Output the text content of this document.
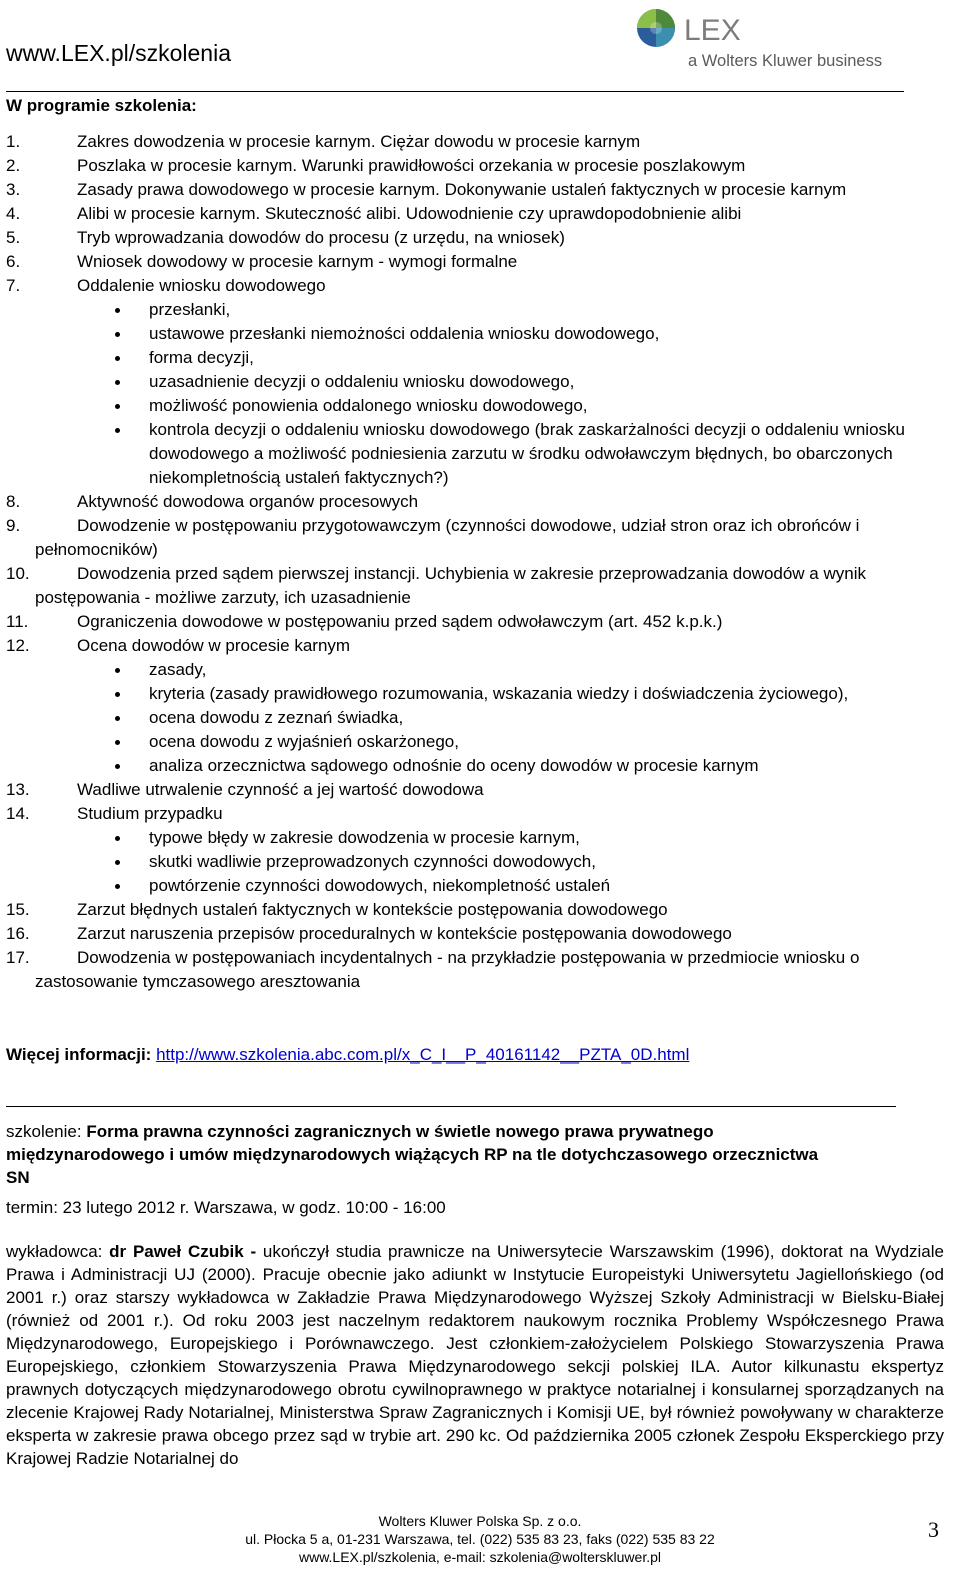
www.LEX.pl/szkolenia
LEX
a Wolters Kluwer business
W programie szkolenia:
1.	Zakres dowodzenia w procesie karnym. Ciężar dowodu w procesie karnym
2.	Poszlaka w procesie karnym. Warunki prawidłowości orzekania w procesie poszlakowym
3.	Zasady prawa dowodowego w procesie karnym. Dokonywanie ustaleń faktycznych w procesie karnym
4.	Alibi w procesie karnym. Skuteczność alibi. Udowodnienie czy uprawdopodobnienie alibi
5.	Tryb wprowadzania dowodów do procesu (z urzędu, na wniosek)
6.	Wniosek dowodowy w procesie karnym - wymogi formalne
7.	Oddalenie wniosku dowodowego
przesłanki,
ustawowe przesłanki niemożności oddalenia wniosku dowodowego,
forma decyzji,
uzasadnienie decyzji o oddaleniu wniosku dowodowego,
możliwość ponowienia oddalonego wniosku dowodowego,
kontrola decyzji o oddaleniu wniosku dowodowego (brak zaskarżalności decyzji o oddaleniu wniosku dowodowego a możliwość podniesienia zarzutu w środku odwoławczym błędnych, bo obarczonych niekompletnością ustaleń faktycznych?)
8.	Aktywność dowodowa organów procesowych
9.	Dowodzenie w postępowaniu przygotowawczym (czynności dowodowe, udział stron oraz ich obrońców i pełnomocników)
10.	Dowodzenia przed sądem pierwszej instancji. Uchybienia w zakresie przeprowadzania dowodów a wynik postępowania - możliwe zarzuty, ich uzasadnienie
11.	Ograniczenia dowodowe w postępowaniu przed sądem odwoławczym (art. 452 k.p.k.)
12.	Ocena dowodów w procesie karnym
zasady,
kryteria (zasady prawidłowego rozumowania, wskazania wiedzy i doświadczenia życiowego),
ocena dowodu z zeznań świadka,
ocena dowodu z wyjaśnień oskarżonego,
analiza orzecznictwa sądowego odnośnie do oceny dowodów w procesie karnym
13.	Wadliwe utrwalenie czynność a jej wartość dowodowa
14.	Studium przypadku
typowe błędy w zakresie dowodzenia w procesie karnym,
skutki wadliwie przeprowadzonych czynności dowodowych,
powtórzenie czynności dowodowych, niekompletność ustaleń
15.	Zarzut błędnych ustaleń faktycznych w kontekście postępowania dowodowego
16.	Zarzut naruszenia przepisów proceduralnych w kontekście postępowania dowodowego
17.	Dowodzenia w postępowaniach incydentalnych - na przykładzie postępowania w przedmiocie wniosku o zastosowanie tymczasowego aresztowania
Więcej informacji: http://www.szkolenia.abc.com.pl/x_C_I__P_40161142__PZTA_0D.html
szkolenie: Forma prawna czynności zagranicznych w świetle nowego prawa prywatnego międzynarodowego i umów międzynarodowych wiążących RP na tle dotychczasowego orzecznictwa SN
termin: 23 lutego 2012 r. Warszawa, w godz. 10:00 - 16:00
wykładowca: dr Paweł Czubik - ukończył studia prawnicze na Uniwersytecie Warszawskim (1996), doktorat na Wydziale Prawa i Administracji UJ (2000). Pracuje obecnie jako adiunkt w Instytucie Europeistyki Uniwersytetu Jagiellońskiego (od 2001 r.) oraz starszy wykładowca w Zakładzie Prawa Międzynarodowego Wyższej Szkoły Administracji w Bielsku-Białej (również od 2001 r.). Od roku 2003 jest naczelnym redaktorem naukowym rocznika Problemy Współczesnego Prawa Międzynarodowego, Europejskiego i Porównawczego. Jest członkiem-założycielem Polskiego Stowarzyszenia Prawa Europejskiego, członkiem Stowarzyszenia Prawa Międzynarodowego sekcji polskiej ILA. Autor kilkunastu ekspertyz prawnych dotyczących międzynarodowego obrotu cywilnoprawnego w praktyce notarialnej i konsularnej sporządzanych na zlecenie Krajowej Rady Notarialnej, Ministerstwa Spraw Zagranicznych i Komisji UE, był również powoływany w charakterze eksperta w zakresie prawa obcego przez sąd w trybie art. 290 kc. Od października 2005 członek Zespołu Eksperckiego przy Krajowej Radzie Notarialnej do
Wolters Kluwer Polska Sp. z o.o.
ul. Płocka 5 a, 01-231 Warszawa, tel. (022) 535 83 23, faks (022) 535 83 22
www.LEX.pl/szkolenia, e-mail: szkolenia@wolterskluwer.pl
3
